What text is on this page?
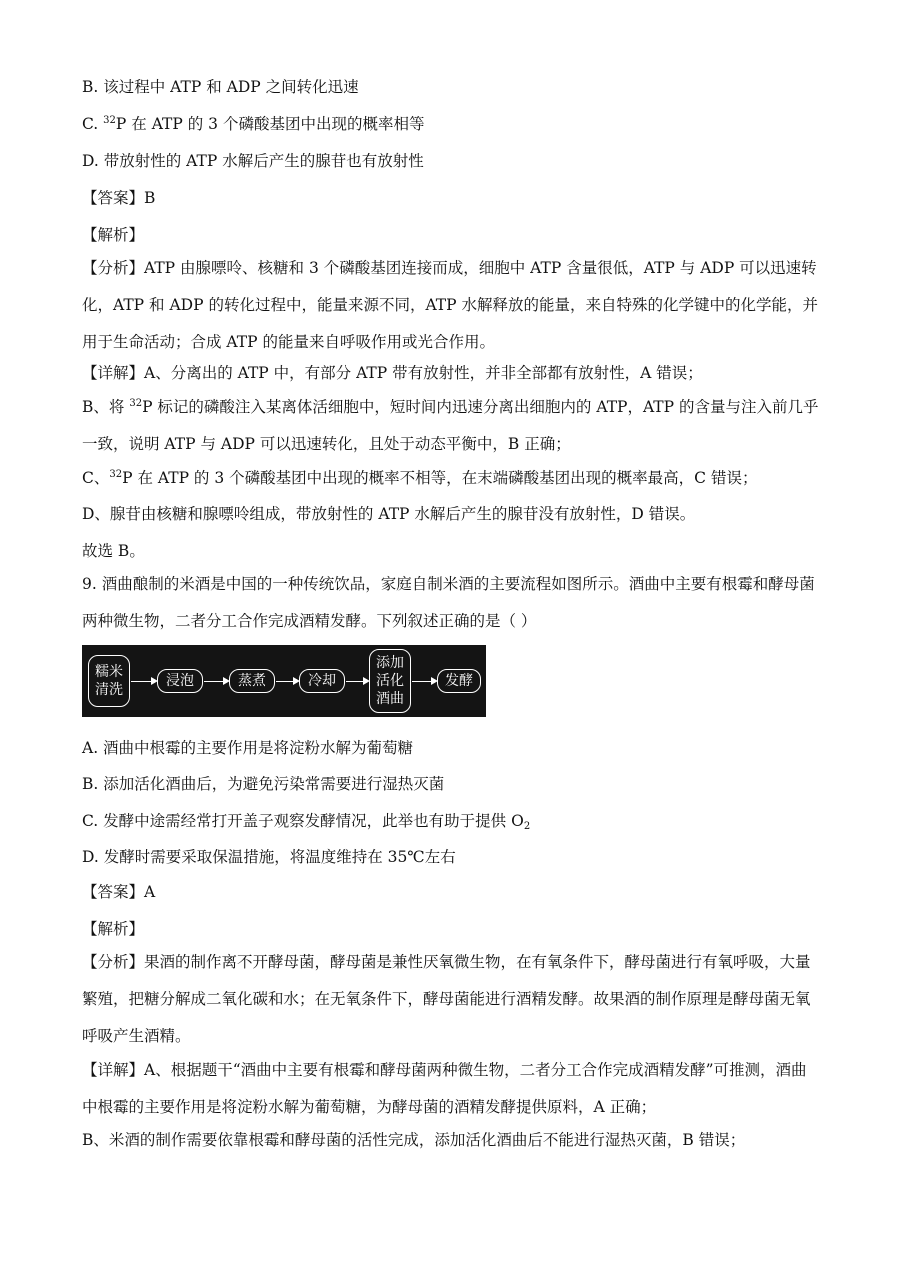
B. 该过程中 ATP 和 ADP 之间转化迅速
C. $^{32}$P 在 ATP 的 3 个磷酸基团中出现的概率相等
D. 带放射性的 ATP 水解后产生的腺苷也有放射性
【答案】B
【解析】
【分析】ATP 由腺嘌呤、核糖和 3 个磷酸基团连接而成，细胞中 ATP 含量很低，ATP 与 ADP 可以迅速转化，ATP 和 ADP 的转化过程中，能量来源不同，ATP 水解释放的能量，来自特殊的化学键中的化学能，并用于生命活动；合成 ATP 的能量来自呼吸作用或光合作用。
【详解】A、分离出的 ATP 中，有部分 ATP 带有放射性，并非全部都有放射性，A 错误；
B、将 $^{32}$P 标记的磷酸注入某离体活细胞中，短时间内迅速分离出细胞内的 ATP，ATP 的含量与注入前几乎一致，说明 ATP 与 ADP 可以迅速转化，且处于动态平衡中，B 正确；
C、$^{32}$P 在 ATP 的 3 个磷酸基团中出现的概率不相等，在末端磷酸基团出现的概率最高，C 错误；
D、腺苷由核糖和腺嘌呤组成，带放射性的 ATP 水解后产生的腺苷没有放射性，D 错误。
故选 B。
9. 酒曲酿制的米酒是中国的一种传统饮品，家庭自制米酒的主要流程如图所示。酒曲中主要有根霉和酵母菌两种微生物，二者分工合作完成酒精发酵。下列叙述正确的是（ ）
糯米
清洗
浸泡	蒸煮	冷却
添加
活化
酒曲
发酵
A. 酒曲中根霉的主要作用是将淀粉水解为葡萄糖
B. 添加活化酒曲后，为避免污染常需要进行湿热灭菌
C. 发酵中途需经常打开盖子观察发酵情况，此举也有助于提供 $O_2$
D. 发酵时需要采取保温措施，将温度维持在 35℃左右
【答案】A
【解析】
【分析】果酒的制作离不开酵母菌，酵母菌是兼性厌氧微生物，在有氧条件下，酵母菌进行有氧呼吸，大量繁殖，把糖分解成二氧化碳和水；在无氧条件下，酵母菌能进行酒精发酵。故果酒的制作原理是酵母菌无氧呼吸产生酒精。
【详解】A、根据题干“酒曲中主要有根霉和酵母菌两种微生物，二者分工合作完成酒精发酵”可推测，酒曲中根霉的主要作用是将淀粉水解为葡萄糖，为酵母菌的酒精发酵提供原料，A 正确；
B、米酒的制作需要依靠根霉和酵母菌的活性完成，添加活化酒曲后不能进行湿热灭菌，B 错误；
